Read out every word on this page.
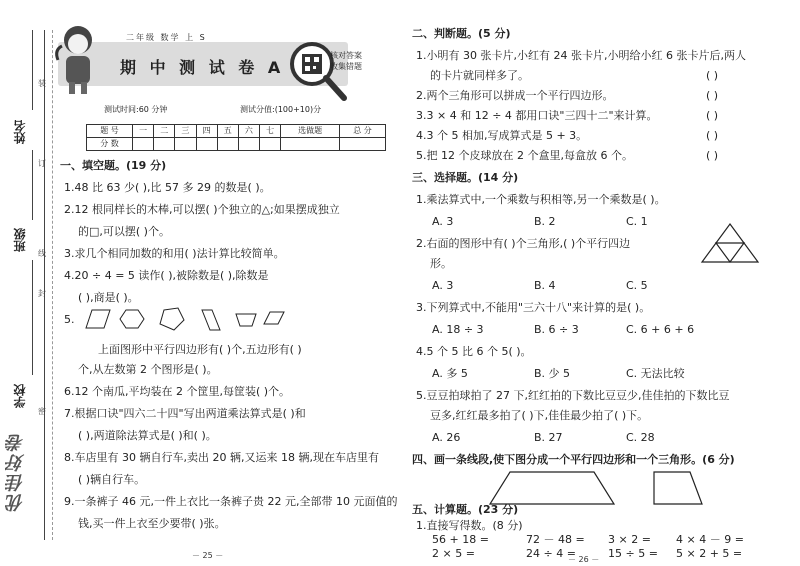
姓名
班级
学校
装
订
线
封
密
优佳好卷
二年级 数学 上 S
期 中 测 试 卷 A
核对答案
收集错题
测试时间:60 分钟	测试分值:(100+10)分
题 号	一	二	三	四	五	六	七	选做题	总 分
分 数									
一、填空题。(19 分)
1.48 比 63 少( ),比 57 多 29 的数是( )。
2.12 根同样长的木棒,可以摆( )个独立的△;如果摆成独立
的□,可以摆( )个。
3.求几个相同加数的和用( )法计算比较简单。
4.20 ÷ 4 = 5 读作( ),被除数是( ),除数是
( ),商是( )。
5.
上面图形中平行四边形有( )个,五边形有( )
个,从左数第 2 个图形是( )。
6.12 个南瓜,平均装在 2 个筐里,每筐装( )个。
7.根据口诀"四六二十四"写出两道乘法算式是( )和
( ),两道除法算式是( )和( )。
8.车店里有 30 辆自行车,卖出 20 辆,又运来 18 辆,现在车店里有
( )辆自行车。
9.一条裤子 46 元,一件上衣比一条裤子贵 22 元,全部带 10 元面值的
钱,买一件上衣至少要带( )张。
－ 25 －
二、判断题。(5 分)
1.小明有 30 张卡片,小红有 24 张卡片,小明给小红 6 张卡片后,两人
的卡片就同样多了。	( )
2.两个三角形可以拼成一个平行四边形。	( )
3.3 × 4 和 12 ÷ 4 都用口诀"三四十二"来计算。	( )
4.3 个 5 相加,写成算式是 5 + 3。	( )
5.把 12 个皮球放在 2 个盒里,每盒放 6 个。	( )
三、选择题。(14 分)
1.乘法算式中,一个乘数与积相等,另一个乘数是( )。
A. 3	B. 2	C. 1
2.右面的图形中有( )个三角形,( )个平行四边
形。
A. 3	B. 4	C. 5
3.下列算式中,不能用"三六十八"来计算的是( )。
A. 18 ÷ 3	B. 6 ÷ 3	C. 6 + 6 + 6
4.5 个 5 比 6 个 5( )。
A. 多 5	B. 少 5	C. 无法比较
5.豆豆拍球拍了 27 下,红红拍的下数比豆豆少,佳佳拍的下数比豆
豆多,红红最多拍了( )下,佳佳最少拍了( )下。
A. 26	B. 27	C. 28
四、画一条线段,使下图分成一个平行四边形和一个三角形。(6 分)
五、计算题。(23 分)
1.直接写得数。(8 分)
56 + 18 =	72 － 48 = 3 × 2 = 4 × 4 － 9 =
2 × 5 =	24 ÷ 4 =	15 ÷ 5 = 5 × 2 + 5 =
－ 26 －
